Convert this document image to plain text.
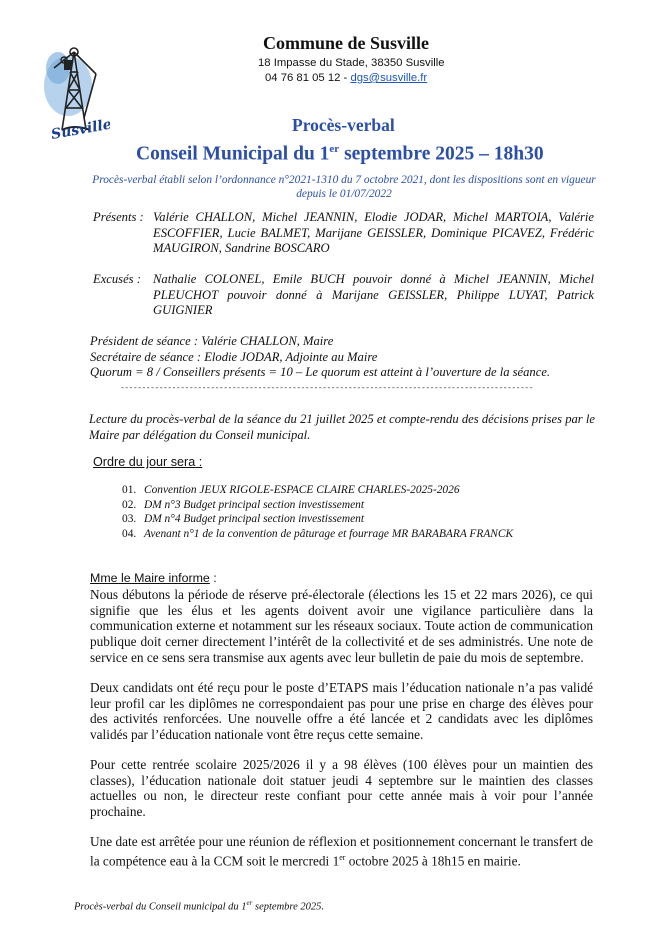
Susville
Commune de Susville
18 Impasse du Stade, 38350 Susville
04 76 81 05 12 - dgs@susville.fr
Procès-verbal
Conseil Municipal du 1er septembre 2025 – 18h30
Procès-verbal établi selon l’ordonnance n°2021-1310 du 7 octobre 2021, dont les dispositions sont en vigueur depuis le 01/07/2022
Présents : Valérie CHALLON, Michel JEANNIN, Elodie JODAR, Michel MARTOIA, Valérie ESCOFFIER, Lucie BALMET, Marijane GEISSLER, Dominique PICAVEZ, Frédéric MAUGIRON, Sandrine BOSCARO
Excusés : Nathalie COLONEL, Emile BUCH pouvoir donné à Michel JEANNIN, Michel PLEUCHOT pouvoir donné à Marijane GEISSLER, Philippe LUYAT, Patrick GUIGNIER
Président de séance : Valérie CHALLON, Maire
Secrétaire de séance : Elodie JODAR, Adjointe au Maire
Quorum = 8 / Conseillers présents = 10 – Le quorum est atteint à l’ouverture de la séance.
------------------------------------------------------------------------------------------------
Lecture du procès-verbal de la séance du 21 juillet 2025 et compte-rendu des décisions prises par le Maire par délégation du Conseil municipal.
Ordre du jour sera :
01. Convention JEUX RIGOLE-ESPACE CLAIRE CHARLES-2025-2026
02. DM n°3 Budget principal section investissement
03. DM n°4 Budget principal section investissement
04. Avenant n°1 de la convention de pâturage et fourrage MR BARABARA FRANCK
Mme le Maire informe :
Nous débutons la période de réserve pré-électorale (élections les 15 et 22 mars 2026), ce qui signifie que les élus et les agents doivent avoir une vigilance particulière dans la communication externe et notamment sur les réseaux sociaux. Toute action de communication publique doit cerner directement l’intérêt de la collectivité et de ses administrés. Une note de service en ce sens sera transmise aux agents avec leur bulletin de paie du mois de septembre.
Deux candidats ont été reçu pour le poste d’ETAPS mais l’éducation nationale n’a pas validé leur profil car les diplômes ne correspondaient pas pour une prise en charge des élèves pour des activités renforcées. Une nouvelle offre a été lancée et 2 candidats avec les diplômes validés par l’éducation nationale vont être reçus cette semaine.
Pour cette rentrée scolaire 2025/2026 il y a 98 élèves (100 élèves pour un maintien des classes), l’éducation nationale doit statuer jeudi 4 septembre sur le maintien des classes actuelles ou non, le directeur reste confiant pour cette année mais à voir pour l’année prochaine.
Une date est arrêtée pour une réunion de réflexion et positionnement concernant le transfert de la compétence eau à la CCM soit le mercredi 1er octobre 2025 à 18h15 en mairie.
Procès-verbal du Conseil municipal du 1er septembre 2025.
